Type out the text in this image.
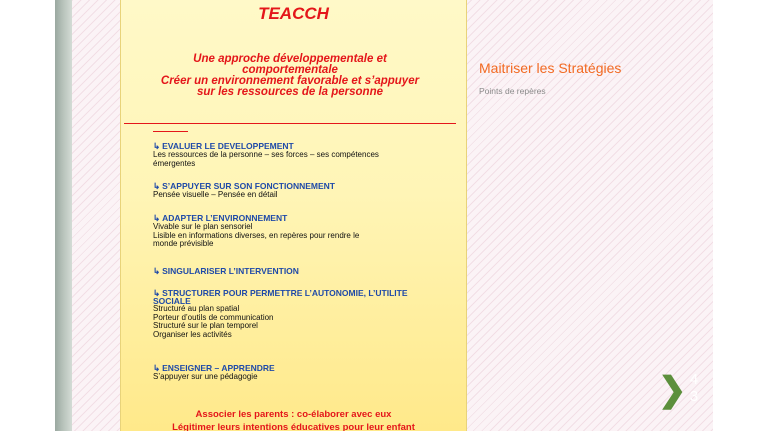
TEACCH
Une approche développementale et
comportementale
Créer un environnement favorable et s’appuyer
sur les ressources de la personne
↳ EVALUER LE DEVELOPPEMENT
Les ressources de la personne – ses forces – ses compétences
émergentes
↳ S’APPUYER SUR SON FONCTIONNEMENT
Pensée visuelle – Pensée en détail
↳ ADAPTER L’ENVIRONNEMENT
Vivable sur le plan sensoriel
Lisible en informations diverses, en repères pour rendre le
monde prévisible
↳ SINGULARISER L’INTERVENTION
↳ STRUCTURER POUR PERMETTRE L’AUTONOMIE, L’UTILITE
SOCIALE
Structuré au plan spatial
Porteur d’outils de communication
Structuré sur le plan temporel
Organiser les activités
↳ ENSEIGNER – APPRENDRE
S’appuyer sur une pédagogie
Associer les parents : co-élaborer avec eux
Légitimer leurs intentions éducatives pour leur enfant
Maitriser les Stratégies
Points de repères
❯ 4
3
